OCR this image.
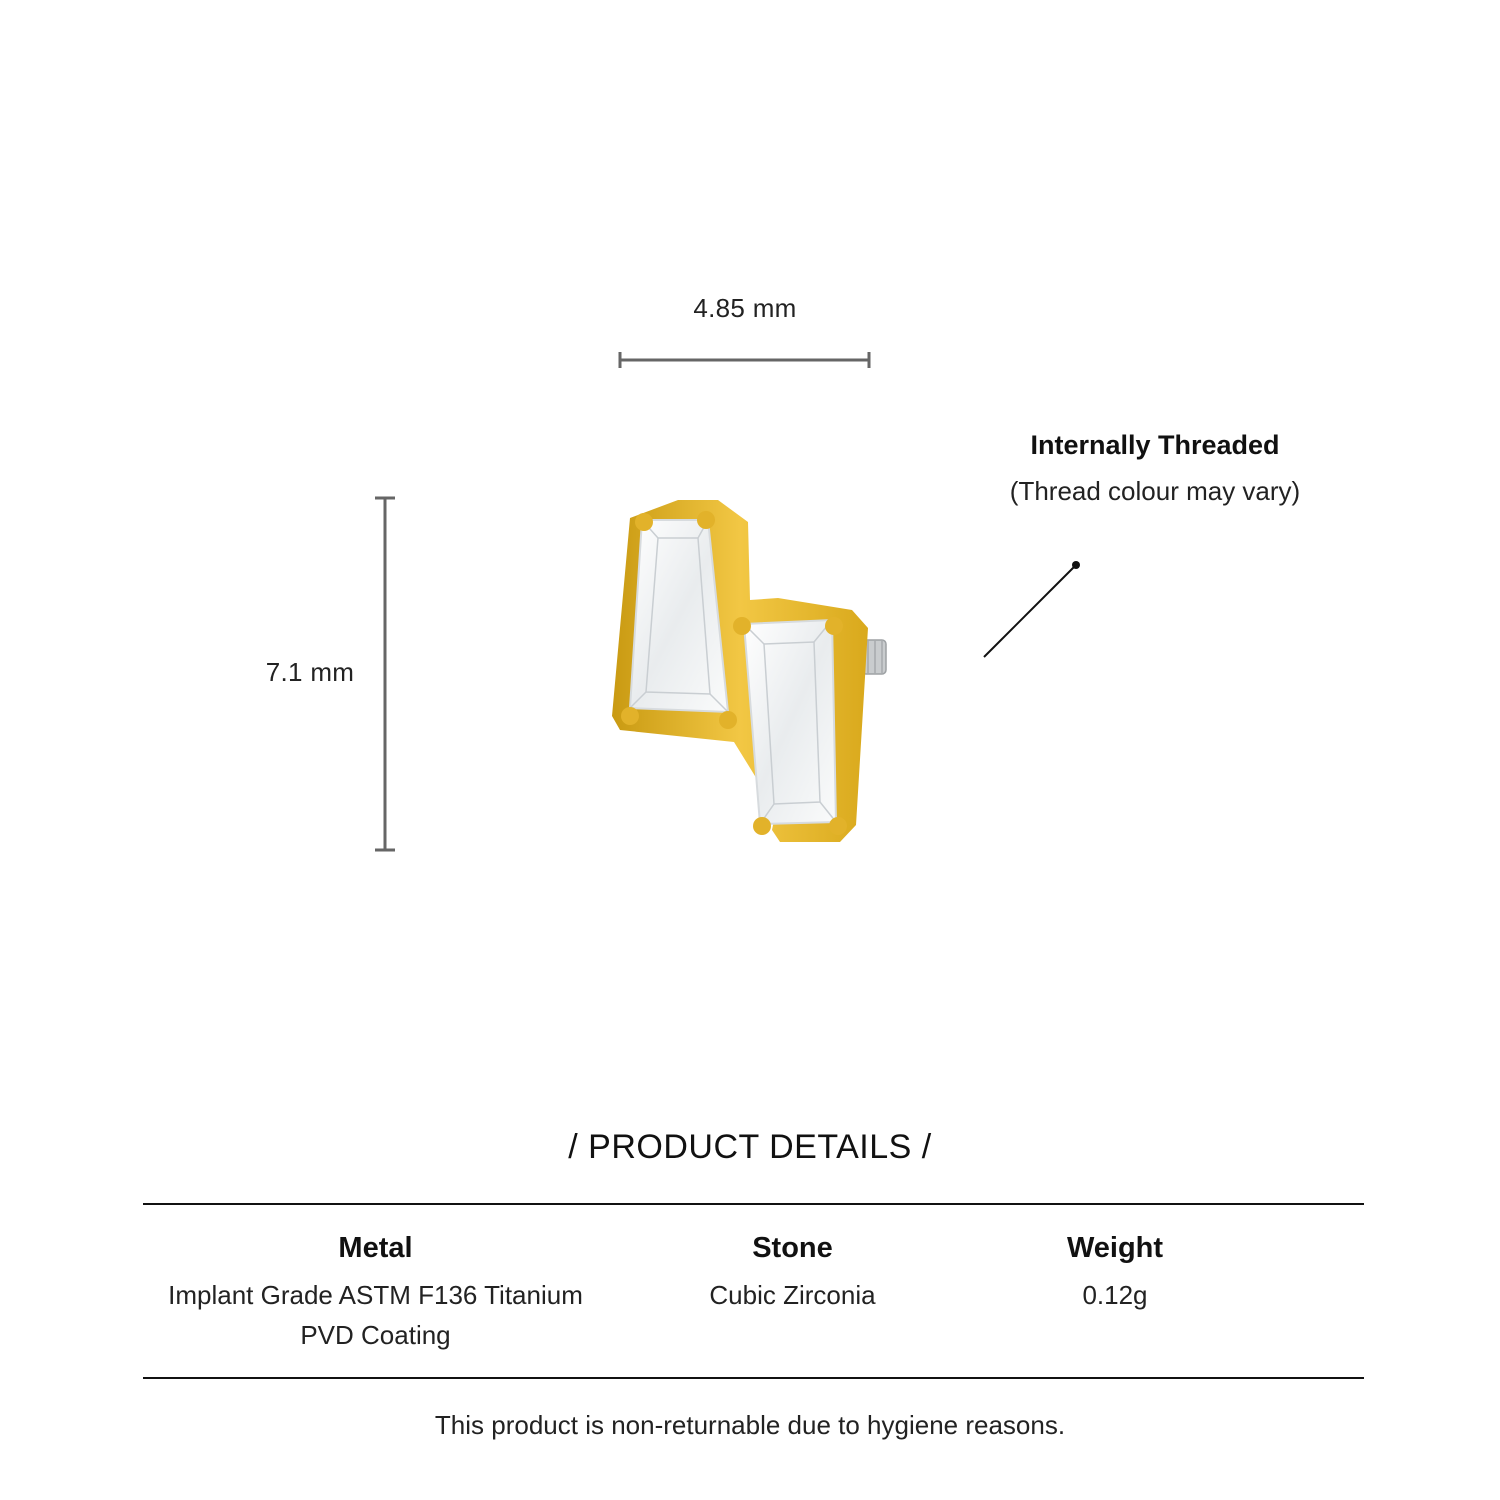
4.85 mm
7.1 mm
Internally Threaded
(Thread colour may vary)
/ PRODUCT DETAILS /
Metal
Implant Grade ASTM F136 Titanium
PVD Coating
Stone
Cubic Zirconia
Weight
0.12g
This product is non-returnable due to hygiene reasons.
